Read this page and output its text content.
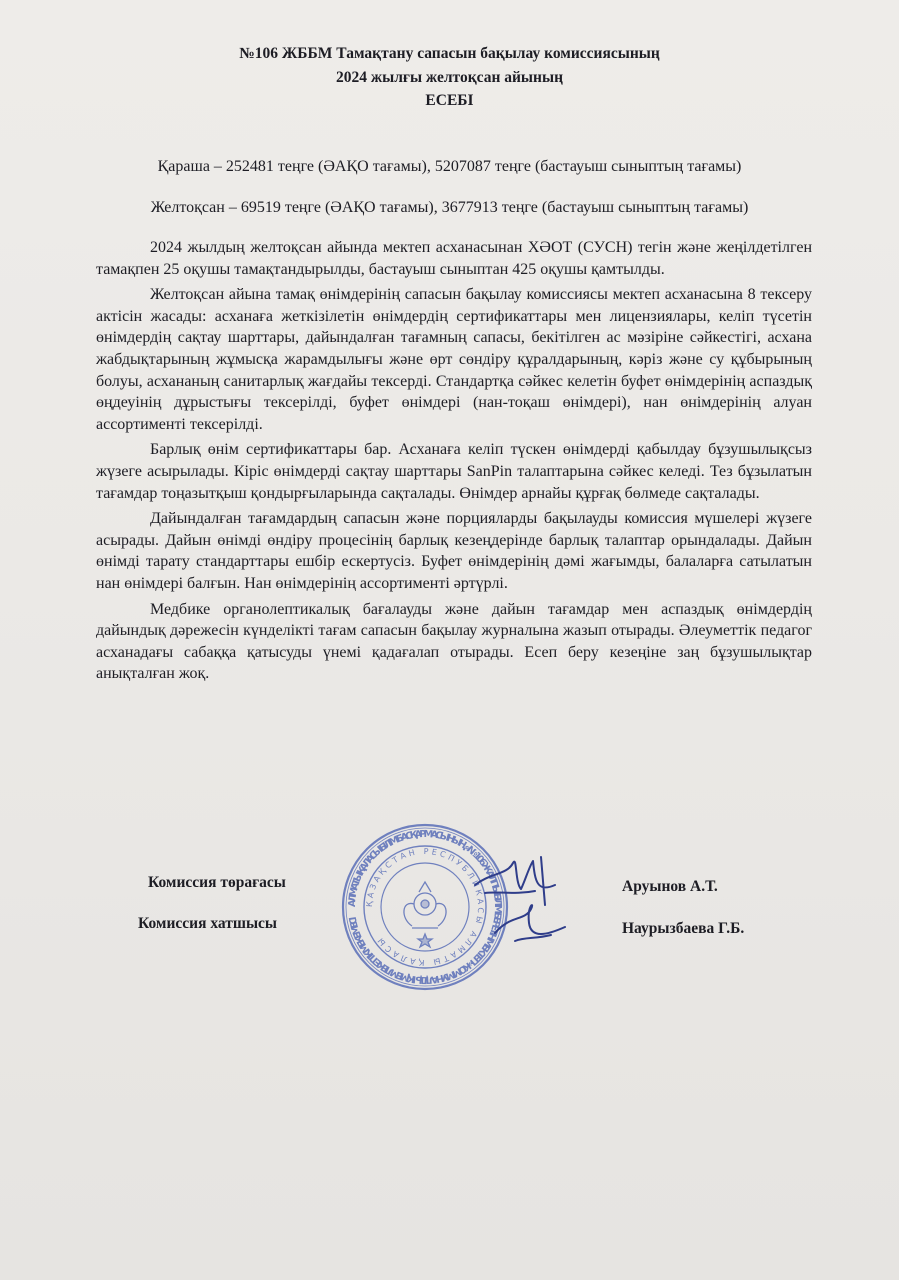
№106 ЖББМ Тамақтану сапасын бақылау комиссиясының
2024 жылғы желтоқсан айының
ЕСЕБІ
Қараша – 252481 теңге (ӘАҚО тағамы), 5207087 теңге (бастауыш сыныптың тағамы)
Желтоқсан – 69519 теңге (ӘАҚО тағамы), 3677913 теңге (бастауыш сыныптың тағамы)

2024 жылдың желтоқсан айында мектеп асханасынан ХӘОТ (СУСН) тегін және жеңілдетілген тамақпен 25 оқушы тамақтандырылды, бастауыш сыныптан 425 оқушы қамтылды.

Желтоқсан айына тамақ өнімдерінің сапасын бақылау комиссиясы мектеп асханасына 8 тексеру актісін жасады: асханаға жеткізілетін өнімдердің сертификаттары мен лицензиялары, келіп түсетін өнімдердің сақтау шарттары, дайындалған тағамның сапасы, бекітілген ас мәзіріне сәйкестігі, асхана жабдықтарының жұмысқа жарамдылығы және өрт сөндіру құралдарының, кәріз және су құбырының болуы, асхананың санитарлық жағдайы тексерді. Стандартқа сәйкес келетін буфет өнімдерінің аспаздық өңдеуінің дұрыстығы тексерілді, буфет өнімдері (нан-тоқаш өнімдері), нан өнімдерінің алуан ассортименті тексерілді.

Барлық өнім сертификаттары бар. Асханаға келіп түскен өнімдерді қабылдау бұзушылықсыз жүзеге асырылады. Кіріс өнімдерді сақтау шарттары SanPin талаптарына сәйкес келеді. Тез бұзылатын тағамдар тоңазытқыш қондырғыларында сақталады. Өнімдер арнайы құрғақ бөлмеде сақталады.

Дайындалған тағамдардың сапасын және порцияларды бақылауды комиссия мүшелері жүзеге асырады. Дайын өнімді өндіру процесінің барлық кезеңдерінде барлық талаптар орындалады. Дайын өнімді тарату стандарттары ешбір ескертусіз. Буфет өнімдерінің дәмі жағымды, балаларға сатылатын нан өнімдері балғын. Нан өнімдерінің ассортименті әртүрлі.

Медбике органолептикалық бағалауды және дайын тағамдар мен аспаздық өнімдердің дайындық дәрежесін күнделікті тағам сапасын бақылау журналына жазып отырады. Әлеуметтік педагог асханадағы сабаққа қатысуды үнемі қадағалап отырады. Есеп беру кезеңіне заң бұзушылықтар анықталған жоқ.

АЛМАТЫ ҚАЛАСЫ БІЛІМ БАСҚАРМАСЫНЫҢ «№106 ЖАЛПЫ БІЛІМ БЕРЕТІН МЕКТЕП» КОММУНАЛДЫҚ МЕМЛЕКЕТТІК МЕКЕМЕСІ
ҚАЗАҚСТАН РЕСПУБЛИКАСЫ АЛМАТЫ ҚАЛАСЫ
Комиссия төрағасы
Комиссия хатшысы
Аруынов А.Т.
Наурызбаева Г.Б.
